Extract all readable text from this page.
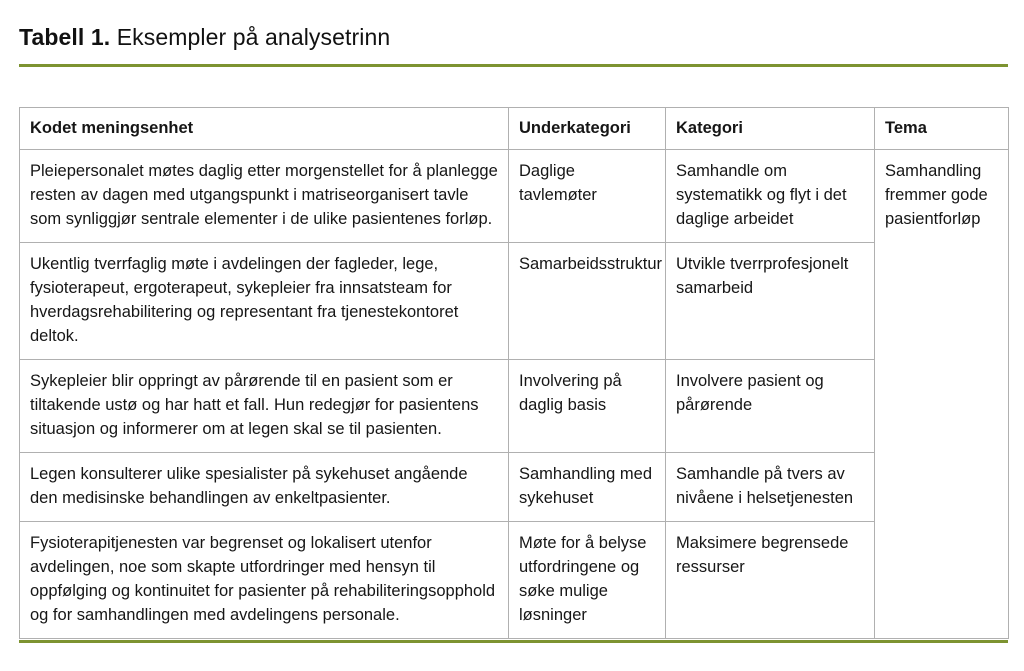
Tabell 1. Eksempler på analysetrinn
Kodet meningsenhet	Underkategori	Kategori	Tema
Pleiepersonalet møtes daglig etter morgenstellet for å planlegge resten av dagen med utgangspunkt i matriseorganisert tavle som synliggjør sentrale elementer i de ulike pasientenes forløp.	Daglige tavlemøter	Samhandle om systematikk og flyt i det daglige arbeidet	Samhandling fremmer gode pasientforløp
Ukentlig tverrfaglig møte i avdelingen der fagleder, lege, fysioterapeut, ergoterapeut, sykepleier fra innsatsteam for hverdagsrehabilitering og representant fra tjenestekontoret deltok.	Samarbeidsstruktur	Utvikle tverrprofesjonelt samarbeid	
Sykepleier blir oppringt av pårørende til en pasient som er tiltakende ustø og har hatt et fall. Hun redegjør for pasientens situasjon og informerer om at legen skal se til pasienten.	Involvering på daglig basis	Involvere pasient og pårørende	
Legen konsulterer ulike spesialister på sykehuset angående den medisinske behandlingen av enkeltpasienter.	Samhandling med sykehuset	Samhandle på tvers av nivåene i helsetjenesten	
Fysioterapitjenesten var begrenset og lokalisert utenfor avdelingen, noe som skapte utfordringer med hensyn til oppfølging og kontinuitet for pasienter på rehabiliteringsopphold og for samhandlingen med avdelingens personale.	Møte for å belyse utfordringene og søke mulige løsninger	Maksimere begrensede ressurser	
